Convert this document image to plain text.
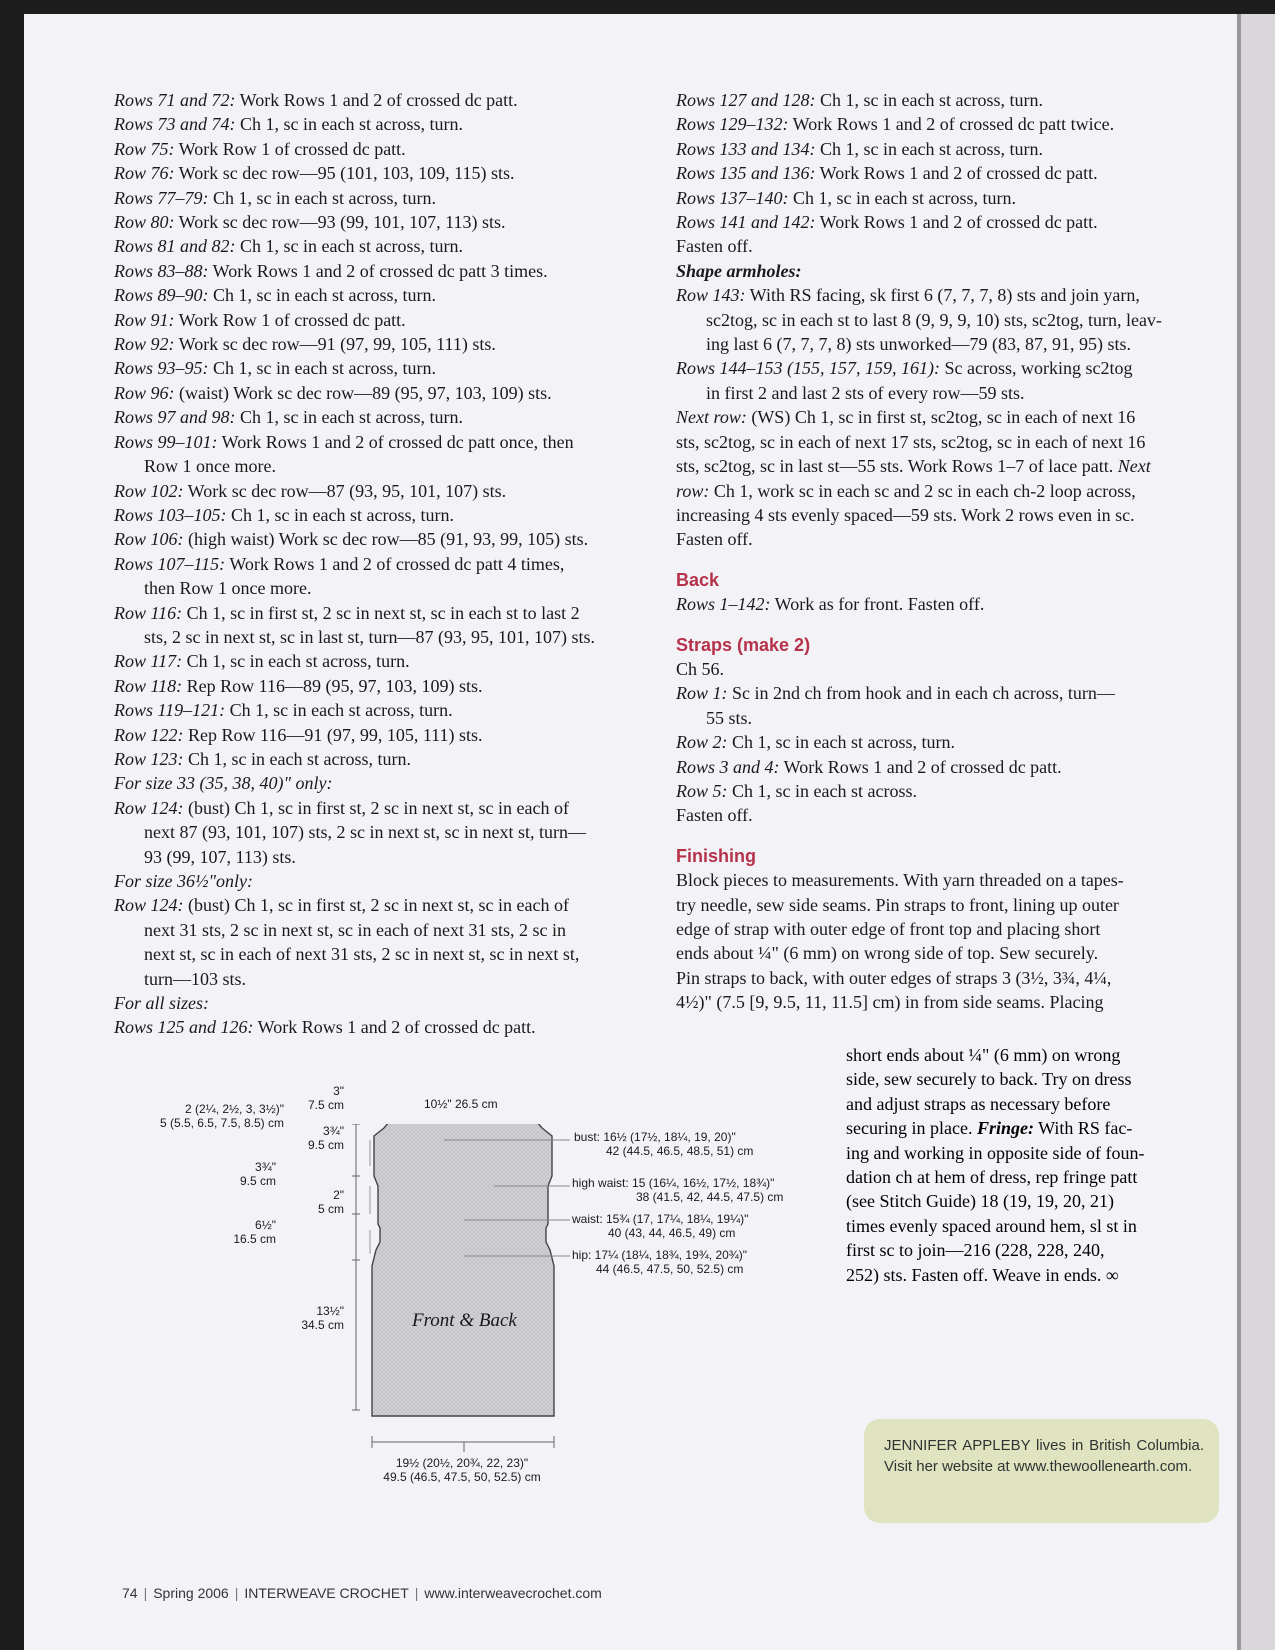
Rows 71 and 72: Work Rows 1 and 2 of crossed dc patt.
Rows 73 and 74: Ch 1, sc in each st across, turn.
Row 75: Work Row 1 of crossed dc patt.
Row 76: Work sc dec row—95 (101, 103, 109, 115) sts.
Rows 77–79: Ch 1, sc in each st across, turn.
Row 80: Work sc dec row—93 (99, 101, 107, 113) sts.
Rows 81 and 82: Ch 1, sc in each st across, turn.
Rows 83–88: Work Rows 1 and 2 of crossed dc patt 3 times.
Rows 89–90: Ch 1, sc in each st across, turn.
Row 91: Work Row 1 of crossed dc patt.
Row 92: Work sc dec row—91 (97, 99, 105, 111) sts.
Rows 93–95: Ch 1, sc in each st across, turn.
Row 96: (waist) Work sc dec row—89 (95, 97, 103, 109) sts.
Rows 97 and 98: Ch 1, sc in each st across, turn.
Rows 99–101: Work Rows 1 and 2 of crossed dc patt once, then
Row 1 once more.
Row 102: Work sc dec row—87 (93, 95, 101, 107) sts.
Rows 103–105: Ch 1, sc in each st across, turn.
Row 106: (high waist) Work sc dec row—85 (91, 93, 99, 105) sts.
Rows 107–115: Work Rows 1 and 2 of crossed dc patt 4 times,
then Row 1 once more.
Row 116: Ch 1, sc in first st, 2 sc in next st, sc in each st to last 2
sts, 2 sc in next st, sc in last st, turn—87 (93, 95, 101, 107) sts.
Row 117: Ch 1, sc in each st across, turn.
Row 118: Rep Row 116—89 (95, 97, 103, 109) sts.
Rows 119–121: Ch 1, sc in each st across, turn.
Row 122: Rep Row 116—91 (97, 99, 105, 111) sts.
Row 123: Ch 1, sc in each st across, turn.
For size 33 (35, 38, 40)" only:
Row 124: (bust) Ch 1, sc in first st, 2 sc in next st, sc in each of
next 87 (93, 101, 107) sts, 2 sc in next st, sc in next st, turn—
93 (99, 107, 113) sts.
For size 36½"only:
Row 124: (bust) Ch 1, sc in first st, 2 sc in next st, sc in each of
next 31 sts, 2 sc in next st, sc in each of next 31 sts, 2 sc in
next st, sc in each of next 31 sts, 2 sc in next st, sc in next st,
turn—103 sts.
For all sizes:
Rows 125 and 126: Work Rows 1 and 2 of crossed dc patt.
Rows 127 and 128: Ch 1, sc in each st across, turn.
Rows 129–132: Work Rows 1 and 2 of crossed dc patt twice.
Rows 133 and 134: Ch 1, sc in each st across, turn.
Rows 135 and 136: Work Rows 1 and 2 of crossed dc patt.
Rows 137–140: Ch 1, sc in each st across, turn.
Rows 141 and 142: Work Rows 1 and 2 of crossed dc patt.
Fasten off.
Shape armholes:
Row 143: With RS facing, sk first 6 (7, 7, 7, 8) sts and join yarn,
sc2tog, sc in each st to last 8 (9, 9, 9, 10) sts, sc2tog, turn, leav-
ing last 6 (7, 7, 7, 8) sts unworked—79 (83, 87, 91, 95) sts.
Rows 144–153 (155, 157, 159, 161): Sc across, working sc2tog
in first 2 and last 2 sts of every row—59 sts.
Next row: (WS) Ch 1, sc in first st, sc2tog, sc in each of next 16
sts, sc2tog, sc in each of next 17 sts, sc2tog, sc in each of next 16
sts, sc2tog, sc in last st—55 sts. Work Rows 1–7 of lace patt. Next
row: Ch 1, work sc in each sc and 2 sc in each ch-2 loop across,
increasing 4 sts evenly spaced—59 sts. Work 2 rows even in sc.
Fasten off.
Back
Rows 1–142: Work as for front. Fasten off.
Straps (make 2)
Ch 56.
Row 1: Sc in 2nd ch from hook and in each ch across, turn—
55 sts.
Row 2: Ch 1, sc in each st across, turn.
Rows 3 and 4: Work Rows 1 and 2 of crossed dc patt.
Row 5: Ch 1, sc in each st across.
Fasten off.
Finishing
Block pieces to measurements. With yarn threaded on a tapes-
try needle, sew side seams. Pin straps to front, lining up outer
edge of strap with outer edge of front top and placing short
ends about ¼" (6 mm) on wrong side of top. Sew securely.
Pin straps to back, with outer edges of straps 3 (3½, 3¾, 4¼,
4½)" (7.5 [9, 9.5, 11, 11.5] cm) in from side seams. Placing
short ends about ¼" (6 mm) on wrong
side, sew securely to back. Try on dress
and adjust straps as necessary before
securing in place. Fringe: With RS fac-
ing and working in opposite side of foun-
dation ch at hem of dress, rep fringe patt
(see Stitch Guide) 18 (19, 19, 20, 21)
times evenly spaced around hem, sl st in
first sc to join—216 (228, 228, 240,
252) sts. Fasten off. Weave in ends. ∞
Front & Back
10½" 26.5 cm
2 (2¼, 2½, 3, 3½)"
5 (5.5, 6.5, 7.5, 8.5) cm
3¾"
9.5 cm
6½"
16.5 cm
3"
7.5 cm
3¾"
9.5 cm
2"
5 cm
13½"
34.5 cm
bust: 16½ (17½, 18¼, 19, 20)"
42 (44.5, 46.5, 48.5, 51) cm
high waist: 15 (16¼, 16½, 17½, 18¾)"
38 (41.5, 42, 44.5, 47.5) cm
waist: 15¾ (17, 17¼, 18¼, 19¼)"
40 (43, 44, 46.5, 49) cm
hip: 17¼ (18¼, 18¾, 19¾, 20¾)"
44 (46.5, 47.5, 50, 52.5) cm
19½ (20½, 20¾, 22, 23)"
49.5 (46.5, 47.5, 50, 52.5) cm
JENNIFER APPLEBY lives in British Columbia. Visit her website at www.thewoollenearth.com.
74 | Spring 2006 | INTERWEAVE CROCHET | www.interweavecrochet.com
